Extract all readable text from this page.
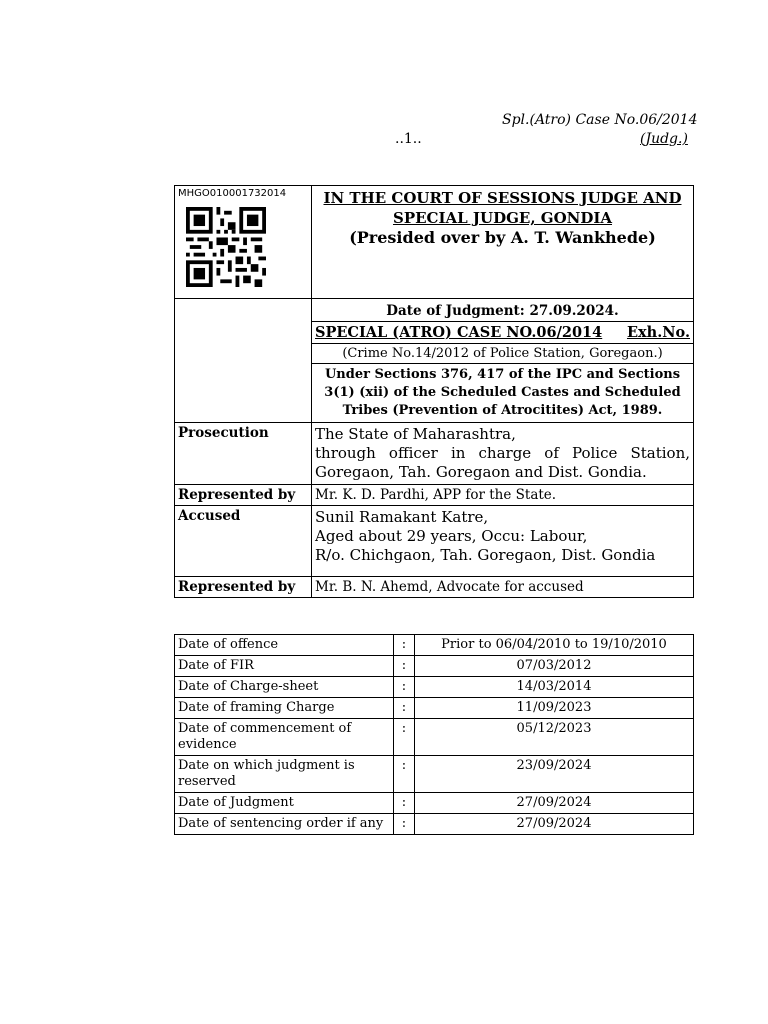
Spl.(Atro) Case No.06/2014
..1..	(Judg.)
MHGO010001732014	IN THE COURT OF SESSIONS JUDGE AND
SPECIAL JUDGE, GONDIA
(Presided over by A. T. Wankhede)

	Date of Judgment: 27.09.2024.

	SPECIAL (ATRO) CASE NO.06/2014 Exh.No.

	(Crime No.14/2012 of Police Station, Goregaon.)
	Under Sections 376, 417 of the IPC and Sections 3(1) (xii) of the Scheduled Castes and Scheduled Tribes (Prevention of Atrocitites) Act, 1989.
Prosecution	The State of Maharashtra,
through officer in charge of Police Station, Goregaon, Tah. Goregaon and Dist. Gondia.

Represented by	Mr. K. D. Pardhi, APP for the State.
Accused	Sunil Ramakant Katre,
Aged about 29 years, Occu: Labour,
R/o. Chichgaon, Tah. Goregaon, Dist. Gondia

Represented by	Mr. B. N. Ahemd, Advocate for accused
Date of offence	:	Prior to 06/04/2010 to 19/10/2010
Date of FIR	:	07/03/2012
Date of Charge-sheet	:	14/03/2014
Date of framing Charge	:	11/09/2023
Date of commencement of evidence	:	05/12/2023
Date on which judgment is reserved	:	23/09/2024
Date of Judgment	:	27/09/2024
Date of sentencing order if any	:	27/09/2024
